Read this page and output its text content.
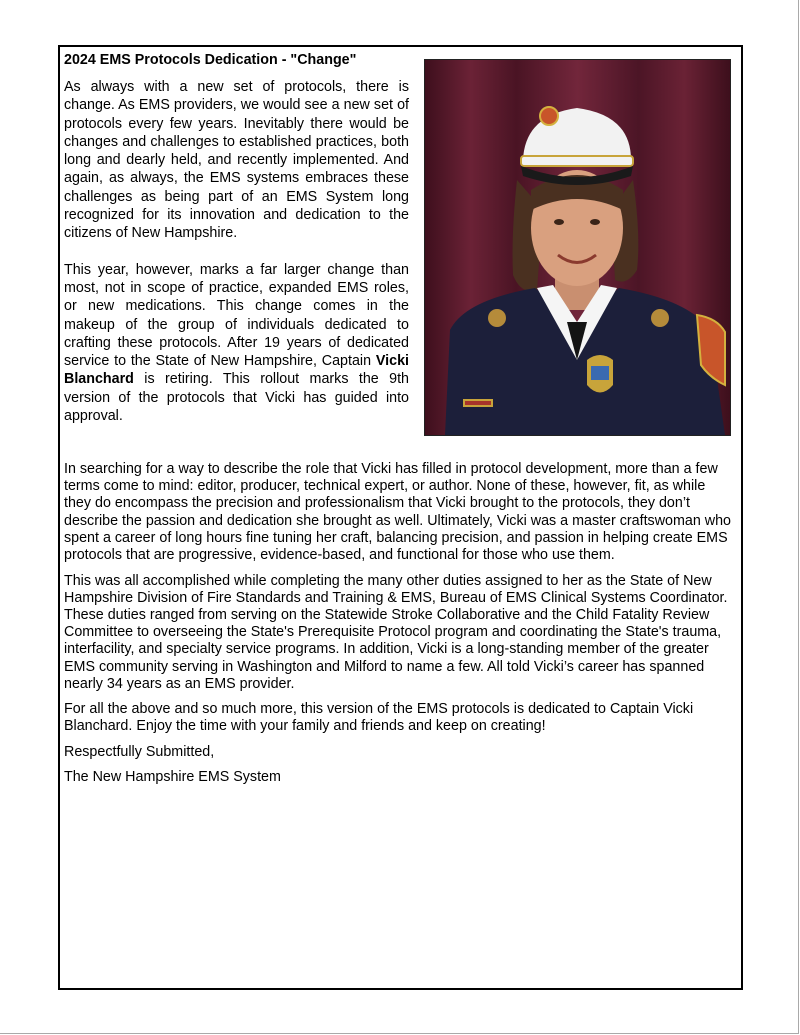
2024 EMS Protocols Dedication - "Change"

As always with a new set of protocols, there is change. As EMS providers, we would see a new set of protocols every few years. Inevitably there would be changes and challenges to established practices, both long and dearly held, and recently implemented. And again, as always, the EMS systems embraces these challenges as being part of an EMS System long recognized for its innovation and dedication to the citizens of New Hampshire.

This year, however, marks a far larger change than most, not in scope of practice, expanded EMS roles, or new medications. This change comes in the makeup of the group of individuals dedicated to crafting these protocols. After 19 years of dedicated service to the State of New Hampshire, Captain Vicki Blanchard is retiring. This rollout marks the 9th version of the protocols that Vicki has guided into approval.

In searching for a way to describe the role that Vicki has filled in protocol development, more than a few terms come to mind: editor, producer, technical expert, or author. None of these, however, fit, as while they do encompass the precision and professionalism that Vicki brought to the protocols, they don’t describe the passion and dedication she brought as well. Ultimately, Vicki was a master craftswoman who spent a career of long hours fine tuning her craft, balancing precision, and passion in helping create EMS protocols that are progressive, evidence-based, and functional for those who use them.

This was all accomplished while completing the many other duties assigned to her as the State of New Hampshire Division of Fire Standards and Training & EMS, Bureau of EMS Clinical Systems Coordinator. These duties ranged from serving on the Statewide Stroke Collaborative and the Child Fatality Review Committee to overseeing the State's Prerequisite Protocol program and coordinating the State's trauma, interfacility, and specialty service programs. In addition, Vicki is a long-standing member of the greater EMS community serving in Washington and Milford to name a few. All told Vicki’s career has spanned nearly 34 years as an EMS provider.

For all the above and so much more, this version of the EMS protocols is dedicated to Captain Vicki Blanchard. Enjoy the time with your family and friends and keep on creating!

Respectfully Submitted,

The New Hampshire EMS System
